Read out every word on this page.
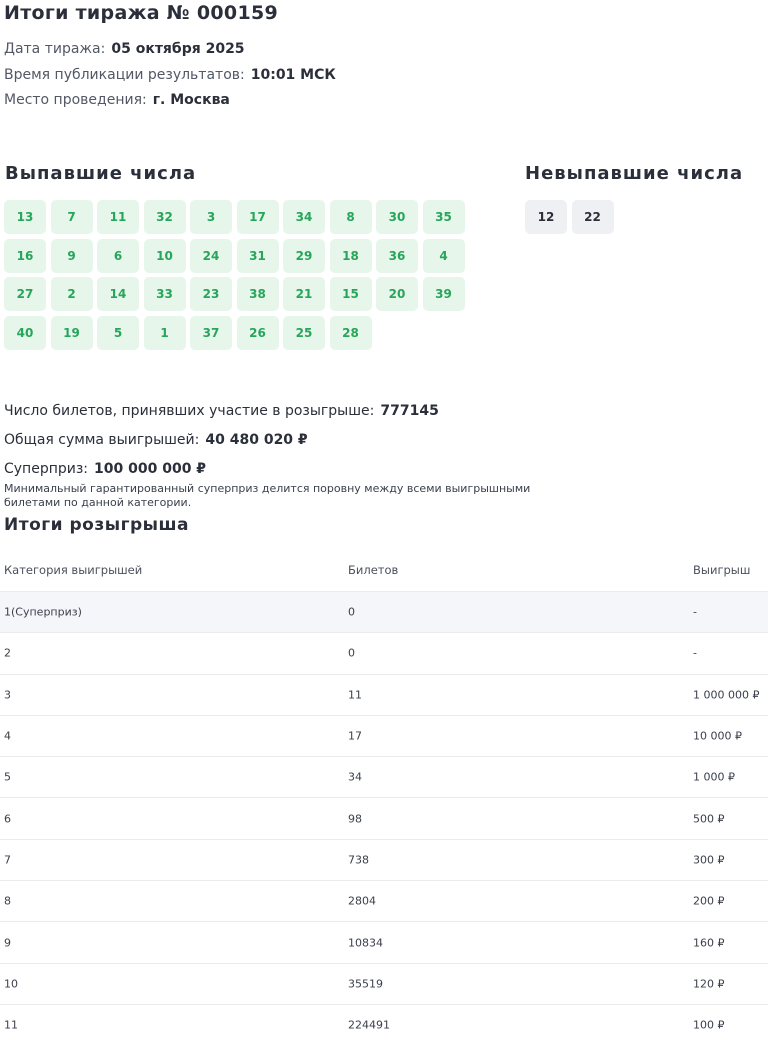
Итоги тиража № 000159
Дата тиража: 05 октября 2025
Время публикации результатов: 10:01 МСК
Место проведения: г. Москва
Выпавшие числа	Невыпавшие числа
13	7	11	32	3	17	34	8	30	35
16	9	6	10	24	31	29	18	36	4
27	2	14	33	23	38	21	15	20	39
40	19	5	1	37	26	25	28
12	22
Число билетов, принявших участие в розыгрыше: 777145
Общая сумма выигрышей: 40 480 020 ₽
Суперприз: 100 000 000 ₽
Минимальный гарантированный суперприз делится поровну между всеми выигрышными билетами по данной категории.
Итоги розыгрыша
Категория выигрышей	Билетов	Выигрыш
1(Суперприз)	0	-
2	0	-
3	11	1 000 000 ₽
4	17	10 000 ₽
5	34	1 000 ₽
6	98	500 ₽
7	738	300 ₽
8	2804	200 ₽
9	10834	160 ₽
10	35519	120 ₽
11	224491	100 ₽
